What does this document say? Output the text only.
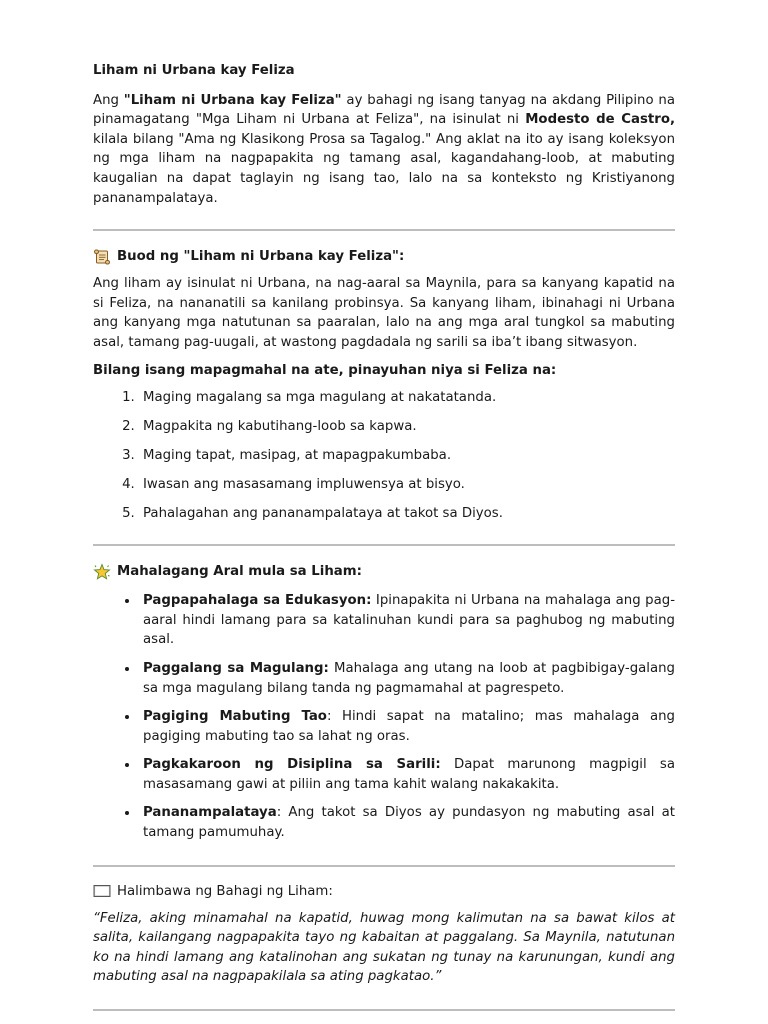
Liham ni Urbana kay Feliza

Ang "Liham ni Urbana kay Feliza" ay bahagi ng isang tanyag na akdang Pilipino na pinamagatang "Mga Liham ni Urbana at Feliza", na isinulat ni Modesto de Castro, kilala bilang "Ama ng Klasikong Prosa sa Tagalog." Ang aklat na ito ay isang koleksyon ng mga liham na nagpapakita ng tamang asal, kagandahang-loob, at mabuting kaugalian na dapat taglayin ng isang tao, lalo na sa konteksto ng Kristiyanong pananampalataya.

Buod ng "Liham ni Urbana kay Feliza":

Ang liham ay isinulat ni Urbana, na nag-aaral sa Maynila, para sa kanyang kapatid na si Feliza, na nananatili sa kanilang probinsya. Sa kanyang liham, ibinahagi ni Urbana ang kanyang mga natutunan sa paaralan, lalo na ang mga aral tungkol sa mabuting asal, tamang pag-uugali, at wastong pagdadala ng sarili sa iba’t ibang sitwasyon.

Bilang isang mapagmahal na ate, pinayuhan niya si Feliza na:

1. Maging magalang sa mga magulang at nakatatanda.
2. Magpakita ng kabutihang-loob sa kapwa.
3. Maging tapat, masipag, at mapagpakumbaba.
4. Iwasan ang masasamang impluwensya at bisyo.
5. Pahalagahan ang pananampalataya at takot sa Diyos.
Mahalagang Aral mula sa Liham:
• Pagpapahalaga sa Edukasyon: Ipinapakita ni Urbana na mahalaga ang pag-aaral hindi lamang para sa katalinuhan kundi para sa paghubog ng mabuting asal.
• Paggalang sa Magulang: Mahalaga ang utang na loob at pagbibigay-galang sa mga magulang bilang tanda ng pagmamahal at pagrespeto.
• Pagiging Mabuting Tao: Hindi sapat na matalino; mas mahalaga ang pagiging mabuting tao sa lahat ng oras.
• Pagkakaroon ng Disiplina sa Sarili: Dapat marunong magpigil sa masasamang gawi at piliin ang tama kahit walang nakakakita.
• Pananampalataya: Ang takot sa Diyos ay pundasyon ng mabuting asal at tamang pamumuhay.
Halimbawa ng Bahagi ng Liham:

“Feliza, aking minamahal na kapatid, huwag mong kalimutan na sa bawat kilos at salita, kailangang nagpapakita tayo ng kabaitan at paggalang. Sa Maynila, natutunan ko na hindi lamang ang katalinohan ang sukatan ng tunay na karunungan, kundi ang mabuting asal na nagpapakilala sa ating pagkatao.”
